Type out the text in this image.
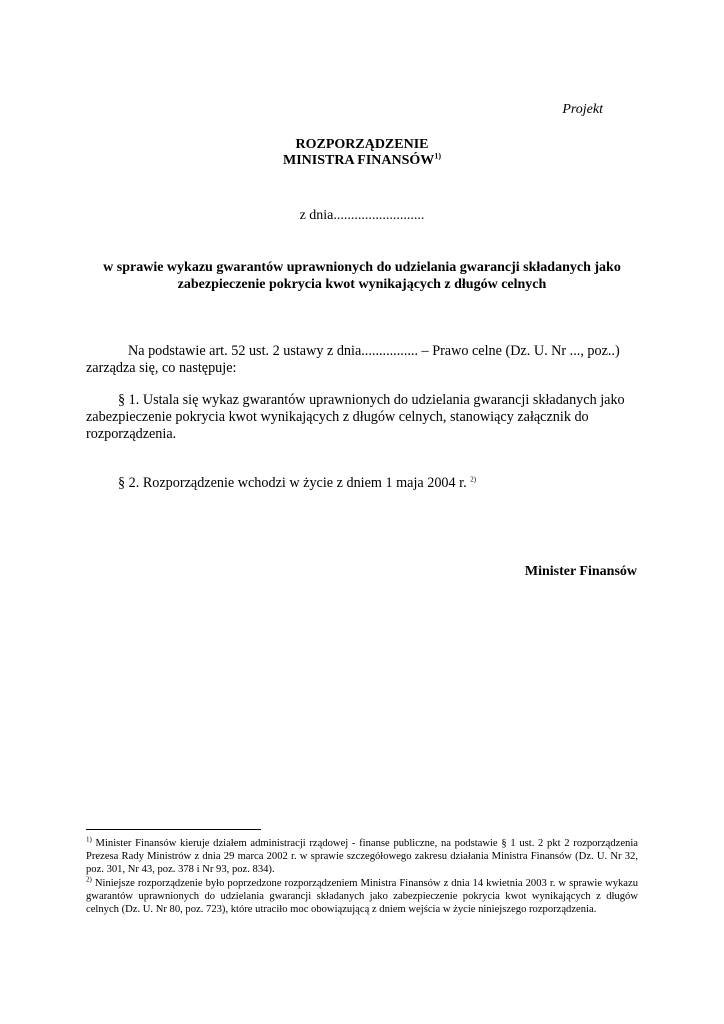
Projekt
ROZPORZĄDZENIE
MINISTRA FINANSÓW$^{1)}$
z dnia..........................
w sprawie wykazu gwarantów uprawnionych do udzielania gwarancji składanych jako zabezpieczenie pokrycia kwot wynikających z długów celnych
Na podstawie art. 52 ust. 2 ustawy z dnia................ – Prawo celne (Dz. U. Nr ..., poz..) zarządza się, co następuje:
§ 1. Ustala się wykaz gwarantów uprawnionych do udzielania gwarancji składanych jako zabezpieczenie pokrycia kwot wynikających z długów celnych, stanowiący załącznik do rozporządzenia.
§ 2. Rozporządzenie wchodzi w życie z dniem 1 maja 2004 r. $^{2)}$
Minister Finansów

$^{1)}$ Minister Finansów kieruje działem administracji rządowej - finanse publiczne, na podstawie § 1 ust. 2 pkt 2 rozporządzenia Prezesa Rady Ministrów z dnia 29 marca 2002 r. w sprawie szczegółowego zakresu działania Ministra Finansów (Dz. U. Nr 32, poz. 301, Nr 43, poz. 378 i Nr 93, poz. 834).

$^{2)}$ Niniejsze rozporządzenie było poprzedzone rozporządzeniem Ministra Finansów z dnia 14 kwietnia 2003 r. w sprawie wykazu gwarantów uprawnionych do udzielania gwarancji składanych jako zabezpieczenie pokrycia kwot wynikających z długów celnych (Dz. U. Nr 80, poz. 723), które utraciło moc obowiązującą z dniem wejścia w życie niniejszego rozporządzenia.
